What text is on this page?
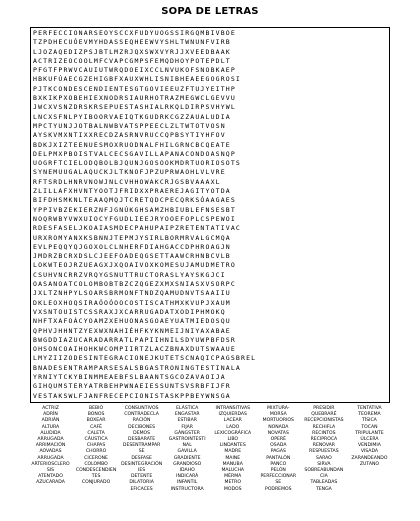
SOPA DE LETRAS
PERFECCIONARSEOYSCCXFUDYUOGSSIRGQMBIVBOE
TZPDHECUÓEVMYHDASSEQHEEWVYSHLTWNUNFVIRB
LJOZAQEDIZPSJBTLMZRJQXSWXVYRJJXVEEDBAAK
ACTRIZEOCOOLMFCVAPCGMPSFEMQDHOYPOTEPDLT
PFGTFPRWVCAUIUTWRQDOEIXCCLNVUKOFSNOBKAEP
HBKUFÚAECGZEHIGBFXAUXWHLISNIBHEAEEGOGROSI
PJTKCONDESCENDIENTESGTGOVIEEUZFTUJYEITHP
BXKIKPXOBEHIEXNODRSIAURHOTRAZMEGWCLGEVVU
JWCXVSNZDRSKRSEPUESTASHIALRKQLDIRPSVHYWL
LNCXSFNLPYIBOORVAEIQTKGUDRKCGZZAUALUDIA
MPCTYUNJJOTBALNWBVATSPPEECLZLTWTOTVOSN
AYSKVMXNTIXXRECDZASRNVRUCCQPBSYTIYHFOV
BDKJXIZTEENUESMOXRUODNALFHILGRNCBCQEATE
DELPMXPBOISTVALCECSGAVILLAPANACONDOASNQP
UOGRFTCIELODQBOLBJQUNJGOSOOKMDRTUORIOSOTS
SYNEMUUGALAQUCKJLTKNOFJPZUPRWAOHLVLVRE
RFTSRDLHNRVNOWJNLCVHHOWAKCRJGSBVAAAXL
ZLILLAFXHVNTYOOTJFRIDXXPRAEREJAGITYOTDA
BIFDHSMKNLTEAAQMQJTCRETQDCPECQRKSÓAAGAES
YPPIVBZEKIERZNFJGNÚKGHSAMZHBIUBLEFNSESBT
NOQRWBYVWXUIOCYFGUDLIEEJRYOOEFOPLCSPEWOI
RDESFASELJKOAIASMDECPAHUPAIPZRETENTATIVAC
URXROMYANXKSBNNJTEPMJYSIRLBORMRVALGCMQA
EVLPEQQYQJGOXOLCLNHERFDIAHGACCDPHROAGJN
JMDRZBCRXDSLCJEEFOADEQGSETTAAWCRHNBCVLB
LOKWTEOJRZUEAGXJXQOAIVOXKOMESUJAMUDMETRO
CSUHVNCRRZVRQYGSNUTTRUCTORASLYAYSKGJCI
OASANOATCOLOMBOBTBZCZQGEZXMXSNIASXVSORPC
JXLTZNHPYLSOARSBRMONFTNDZQAMUDNVTSAAIIU
DKLEOXHOQSIRAÓOÓOOCOSTISCATHMXKVUPJXAUM
VXSNTOUISTCSSRAXJXCARRUGADATXODIPHMOKQ
NHFTXAFOÁCYOAMZXEHUONASGOAEYUATMIEDOSQU
QPHVJHHNTZYEXWXNAHIÉHFKYKNMEIJNIYAXABAE
BWGDDIAZUCARADARRATLPAPIIHNILSDYUWPBFDSR
OHSONCOAIHOHKWCOMPIIRTZLACZBNAXDUTSWAAUE
LMYZIIZODESINTEGRACIONEJKUTETSCNAQICPAGSBREL
BNADESENTRAMPARSESALSBGASTRONINGTESTINALA
YRNIYTCKYBINMMEAEBFSLBAANTSGCOZAVAOIJA
GIHQUMSTERYATRBEHPWNAEIESSUNTSVSRBFIJFR
VESTAKSWLFJANFRECEPCIONISTASKPPBEYWNSGA
ACTRIZ
ADRÍN
ADRIÁN
ALTURA
ALUDIDA
ARRUGADA
ARRIMACIÓN
AOVADAS
ARRUGADA
ARTERIOSCLERO
SIS
ATENTADO
AZUCARADA
BEBIÓ
BONOS
BOXEAR
CAFÉ
CALETA
CÁUSTICA
CHAPAS
CHORRO
CICERONE
COLOMBO
CONDESCENDIEN
TES
CONJURADO
CONSUNTIVOS
CONTRADECLA
RACIÓN
DECIBONES
DEMOS
DESBARATE
DESENTRAMPAR
SE
DESFASE
DESINTEGRACIÓN
IES
DETENTE
DILATORIA
EFICACES
ELÁSTICA
ENGASTAR
ESTIBAR
FIJAR
GÁNGSTER
GASTROINTESTI
NAL
GAVILLA
GRADIENTE
GRANDIOSO
IDAHO
INDICARÁ
INFANTIL
INSTRUCTORA
INTRANSITIVAS
IZQUIERDAS
LACEAR
LADO
LEXICOGRÁFICA
LIBO
LINDANTES
MADRE
MAINE
MANUBA
MALUCHA
MÉRMA
METRO
MODOS
MIXTURA-
MORSA
MORTUORIOS
NONADA
NOVATAS
OPERÉ
OSADA
PAGAS
PANTALÓN
PANCO
PELÓN
PERFECCIONAR
SE
PODREMOS
PRESIDIR
QUEBRARÉ
RECEPCIONISTAS
RECHIFLA
RECINTOS
RECIPROCA
RENOVAR
RESPUESTAS
SARAO
SIRVA
SOBREABUNDAN
CIA
TABLEADAS
TENGA
TENTATIVA
TEOREMA
TÍSICA
TOCAN
TRIPULANTE
ÚLCERA
VENDIMIA
VISADA
ZARANDEANDO
ZUTANO
